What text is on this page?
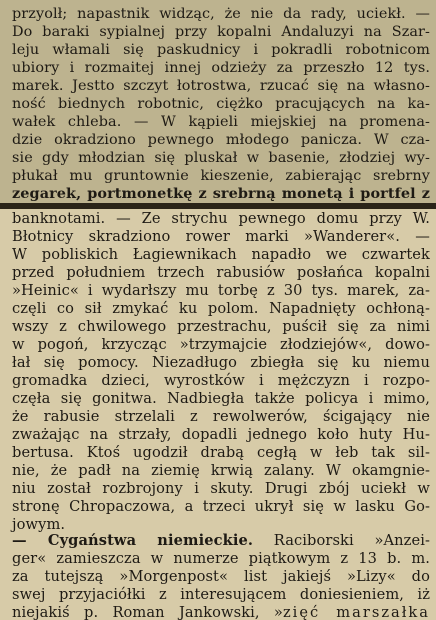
przyolł; napastnik widząc, że nie da rady, uciekł. —
Do baraki sypialnej przy kopalni Andaluzyi na Szar-
leju włamali się paskudnicy i pokradli robotnicom
ubiory i rozmaitej innej odzieży za przeszło 12 tys.
marek. Jestto szczyt łotrostwa, rzucać się na własno-
ność biednych robotnic, ciężko pracujących na ka-
wałek chleba. — W kąpieli miejskiej na promena-
dzie okradziono pewnego młodego panicza. W cza-
sie gdy młodzian się pluskał w basenie, złodziej wy-
płukał mu gruntownie kieszenie, zabierając srebrny
zegarek, portmonetkę z srebrną monetą i portfel z
— Cygaństwa niemieckie. Raciborski »Anzei-
ger« zamieszcza w numerze piątkowym z 13 b. m.
za tutejszą »Morgenpost« list jakiejś »Lizy« do
swej przyjaciółki z interesującem doniesieniem, iż
niejakiś p. Roman Jankowski, »zięć marszałka
banknotami. — Ze strychu pewnego domu przy W.
Błotnicy skradziono rower marki »Wanderer«. —
W pobliskich Łagiewnikach napadło we czwartek
przed południem trzech rabusiów posłańca kopalni
»Heinic« i wydarłszy mu torbę z 30 tys. marek, za-
częli co sił zmykać ku polom. Napadnięty ochłoną-
wszy z chwilowego przestrachu, puścił się za nimi
w pogoń, krzycząc »trzymajcie złodziejów«, dowo-
łał się pomocy. Niezadługo zbiegła się ku niemu
gromadka dzieci, wyrostków i mężczyzn i rozpo-
częła się gonitwa. Nadbiegła także policya i mimo,
że rabusie strzelali z rewolwerów, ścigający nie
zważając na strzały, dopadli jednego koło huty Hu-
bertusa. Ktoś ugodził drabą cegłą w łeb tak sil-
nie, że padł na ziemię krwią zalany. W okamgnie-
niu został rozbrojony i skuty. Drugi zbój uciekł w
stronę Chropaczowa, a trzeci ukrył się w lasku Go-
jowym.
